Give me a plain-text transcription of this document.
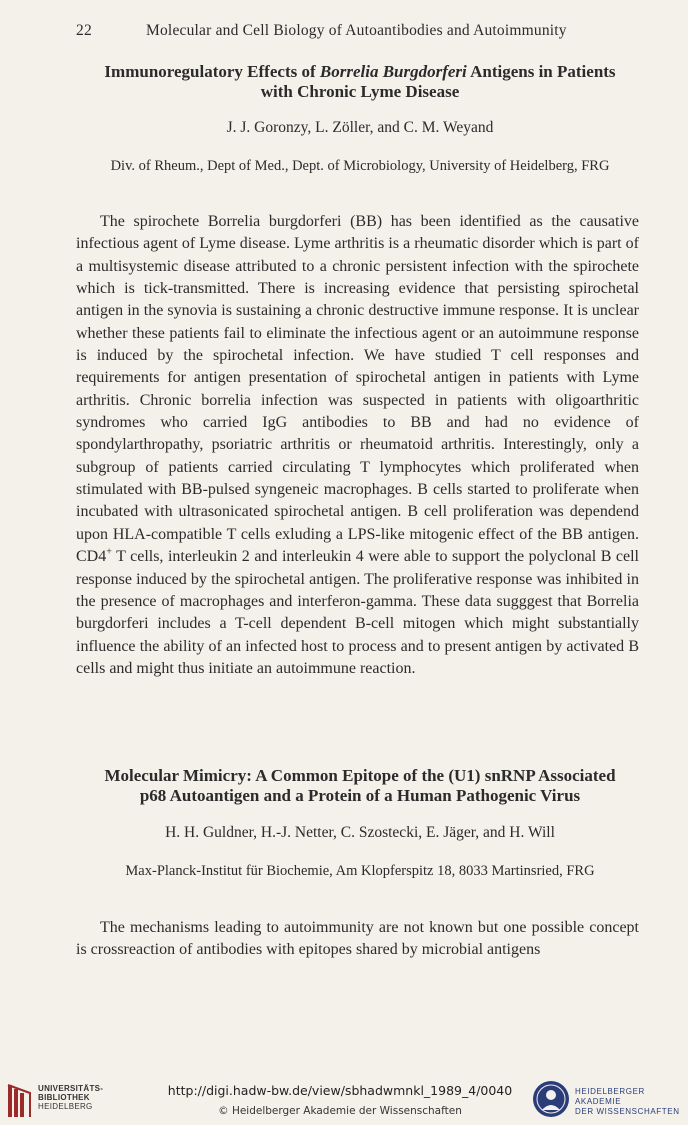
22	Molecular and Cell Biology of Autoantibodies and Autoimmunity
Immunoregulatory Effects of Borrelia Burgdorferi Antigens in Patients
with Chronic Lyme Disease
J. J. Goronzy, L. Zöller, and C. M. Weyand
Div. of Rheum., Dept of Med., Dept. of Microbiology, University of Heidelberg, FRG

The spirochete Borrelia burgdorferi (BB) has been identified as the causative infectious agent of Lyme disease. Lyme arthritis is a rheumatic disorder which is part of a multisystemic disease attributed to a chronic persistent infection with the spirochete which is tick-transmitted. There is increasing evidence that persisting spirochetal antigen in the synovia is sustaining a chronic destructive immune response. It is unclear whether these patients fail to eliminate the infectious agent or an autoimmune response is induced by the spirochetal infection. We have studied T cell responses and requirements for antigen presentation of spirochetal antigen in patients with Lyme arthritis. Chronic borrelia infection was suspected in patients with oligoarthritic syndromes who carried IgG antibodies to BB and had no evidence of spondylarthropathy, psoriatric arthritis or rheumatoid arthritis. Interestingly, only a subgroup of patients carried circulating T lymphocytes which proliferated when stimulated with BB-pulsed syngeneic macrophages. B cells started to proliferate when incubated with ultrasonicated spirochetal antigen. B cell proliferation was dependend upon HLA-compatible T cells exluding a LPS-like mitogenic effect of the BB antigen. CD4+ T cells, interleukin 2 and interleukin 4 were able to support the polyclonal B cell response induced by the spirochetal antigen. The proliferative response was inhibited in the presence of macrophages and interferon-gamma. These data sugggest that Borrelia burgdorferi includes a T-cell dependent B-cell mitogen which might substantially influence the ability of an infected host to process and to present antigen by activated B cells and might thus initiate an autoimmune reaction.

Molecular Mimicry: A Common Epitope of the (U1) snRNP Associated
p68 Autoantigen and a Protein of a Human Pathogenic Virus
H. H. Guldner, H.-J. Netter, C. Szostecki, E. Jäger, and H. Will
Max-Planck-Institut für Biochemie, Am Klopferspitz 18, 8033 Martinsried, FRG

The mechanisms leading to autoimmunity are not known but one possible concept is crossreaction of antibodies with epitopes shared by microbial antigens

UNIVERSITÄTS-
BIBLIOTHEK
HEIDELBERG
http://digi.hadw-bw.de/view/sbhadwmnkl_1989_4/0040
© Heidelberger Akademie der Wissenschaften
HEIDELBERGER AKADEMIE
DER WISSENSCHAFTEN
